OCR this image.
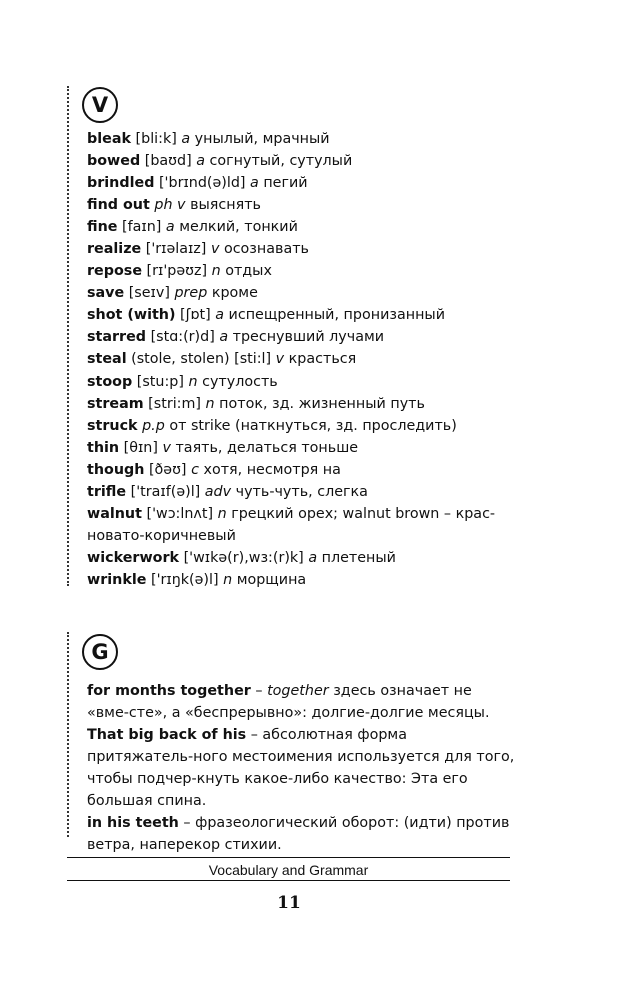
V
bleak [bli:k] a унылый, мрачный
bowed [baʊd] a согнутый, сутулый
brindled ['brɪnd(ə)ld] a пегий
find out ph v выяснять
fine [faɪn] a мелкий, тонкий
realize ['rɪəlaɪz] v осознавать
repose [rɪ'pəʊz] n отдых
save [seɪv] prep кроме
shot (with) [ʃɒt] a испещренный, пронизанный
starred [stɑ:(r)d] a треснувший лучами
steal (stole, stolen) [sti:l] v красться
stoop [stu:p] n сутулость
stream [stri:m] n поток, зд. жизненный путь
struck p.p от strike (наткнуться, зд. проследить)
thin [θɪn] v таять, делаться тоньше
though [ðəʊ] c хотя, несмотря на
trifle ['traɪf(ə)l] adv чуть-чуть, слегка
walnut ['wɔ:lnʌt] n грецкий орех; walnut brown – крас-новато-коричневый
wickerwork ['wɪkə(r),wɜ:(r)k] a плетеный
wrinkle ['rɪŋk(ə)l] n морщина
G
for months together – together здесь означает не «вме-сте», а «беспрерывно»: долгие-долгие месяцы.
That big back of his – абсолютная форма притяжатель-ного местоимения используется для того, чтобы подчер-кнуть какое-либо качество: Эта его большая спина.
in his teeth – фразеологический оборот: (идти) против ветра, наперекор стихии.
Vocabulary and Grammar
11
